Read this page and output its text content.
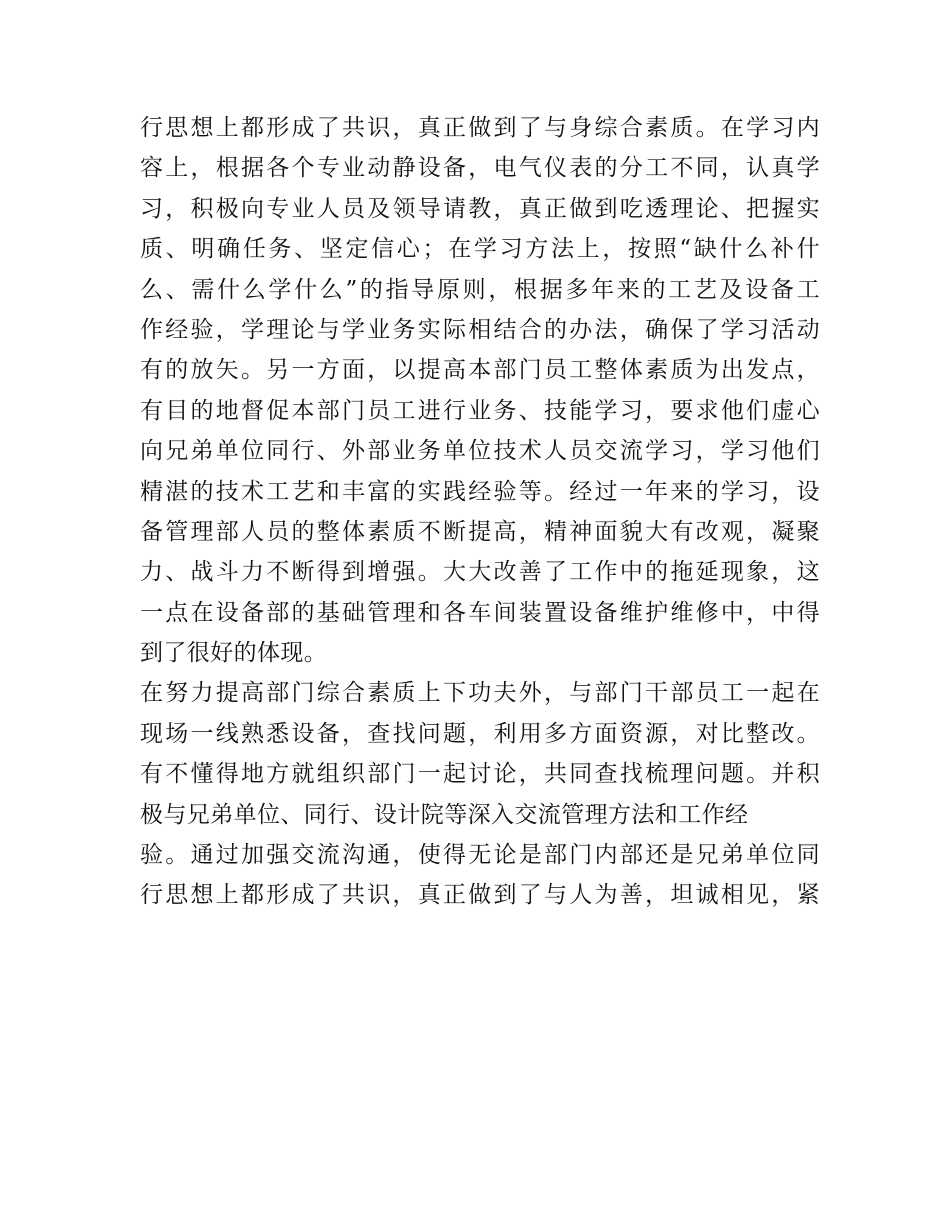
行思想上都形成了共识，真正做到了与身综合素质。在学习内
容上，根据各个专业动静设备，电气仪表的分工不同，认真学
习，积极向专业人员及领导请教，真正做到吃透理论、把握实
质、明确任务、坚定信心；在学习方法上，按照“缺什么补什
么、需什么学什么”的指导原则，根据多年来的工艺及设备工
作经验，学理论与学业务实际相结合的办法，确保了学习活动
有的放矢。另一方面，以提高本部门员工整体素质为出发点，
有目的地督促本部门员工进行业务、技能学习，要求他们虚心
向兄弟单位同行、外部业务单位技术人员交流学习，学习他们
精湛的技术工艺和丰富的实践经验等。经过一年来的学习，设
备管理部人员的整体素质不断提高，精神面貌大有改观，凝聚
力、战斗力不断得到增强。大大改善了工作中的拖延现象，这
一点在设备部的基础管理和各车间装置设备维护维修中，中得
到了很好的体现。
在努力提高部门综合素质上下功夫外，与部门干部员工一起在
现场一线熟悉设备，查找问题，利用多方面资源，对比整改。
有不懂得地方就组织部门一起讨论，共同查找梳理问题。并积
极与兄弟单位、同行、设计院等深入交流管理方法和工作经
验。通过加强交流沟通，使得无论是部门内部还是兄弟单位同
行思想上都形成了共识，真正做到了与人为善，坦诚相见，紧
